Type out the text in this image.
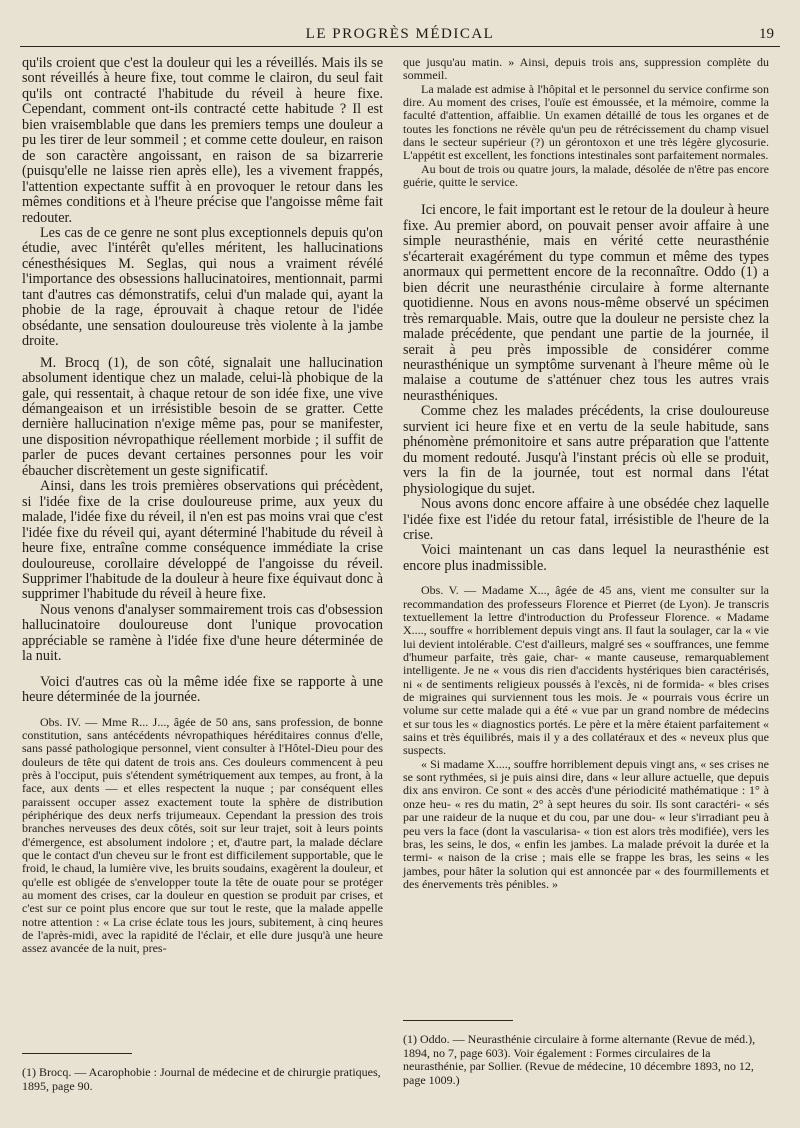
LE PROGRÈS MÉDICAL	19

qu'ils croient que c'est la douleur qui les a réveillés. Mais ils se sont réveillés à heure fixe, tout comme le clairon, du seul fait qu'ils ont contracté l'habitude du réveil à heure fixe. Cependant, comment ont-ils contracté cette habitude ? Il est bien vraisemblable que dans les premiers temps une douleur a pu les tirer de leur sommeil ; et comme cette douleur, en raison de son caractère angoissant, en raison de sa bizarrerie (puisqu'elle ne laisse rien après elle), les a vivement frappés, l'attention expectante suffit à en provoquer le retour dans les mêmes conditions et à l'heure précise que l'angoisse même fait redouter.

Les cas de ce genre ne sont plus exceptionnels depuis qu'on étudie, avec l'intérêt qu'elles méritent, les hallucinations cénesthésiques M. Seglas, qui nous a vraiment révélé l'importance des obsessions hallucinatoires, mentionnait, parmi tant d'autres cas démonstratifs, celui d'un malade qui, ayant la phobie de la rage, éprouvait à chaque retour de l'idée obsédante, une sensation douloureuse très violente à la jambe droite.

M. Brocq (1), de son côté, signalait une hallucination absolument identique chez un malade, celui-là phobique de la gale, qui ressentait, à chaque retour de son idée fixe, une vive démangeaison et un irrésistible besoin de se gratter. Cette dernière hallucination n'exige même pas, pour se manifester, une disposition névropathique réellement morbide ; il suffit de parler de puces devant certaines personnes pour les voir ébaucher discrètement un geste significatif.

Ainsi, dans les trois premières observations qui précèdent, si l'idée fixe de la crise douloureuse prime, aux yeux du malade, l'idée fixe du réveil, il n'en est pas moins vrai que c'est l'idée fixe du réveil qui, ayant déterminé l'habitude du réveil à heure fixe, entraîne comme conséquence immédiate la crise douloureuse, corollaire développé de l'angoisse du réveil. Supprimer l'habitude de la douleur à heure fixe équivaut donc à supprimer l'habitude du réveil à heure fixe.

Nous venons d'analyser sommairement trois cas d'obsession hallucinatoire douloureuse dont l'unique provocation appréciable se ramène à l'idée fixe d'une heure déterminée de la nuit.

Voici d'autres cas où la même idée fixe se rapporte à une heure déterminée de la journée.

Obs. IV. — Mme R... J..., âgée de 50 ans, sans profession, de bonne constitution, sans antécédents névropathiques héréditaires connus d'elle, sans passé pathologique personnel, vient consulter à l'Hôtel-Dieu pour des douleurs de tête qui datent de trois ans. Ces douleurs commencent à peu près à l'occiput, puis s'étendent symétriquement aux tempes, au front, à la face, aux dents — et elles respectent la nuque ; par conséquent elles paraissent occuper assez exactement toute la sphère de distribution périphérique des deux nerfs trijumeaux. Cependant la pression des trois branches nerveuses des deux côtés, soit sur leur trajet, soit à leurs points d'émergence, est absolument indolore ; et, d'autre part, la malade déclare que le contact d'un cheveu sur le front est difficilement supportable, que le froid, le chaud, la lumière vive, les bruits soudains, exagèrent la douleur, et qu'elle est obligée de s'envelopper toute la tête de ouate pour se protéger au moment des crises, car la douleur en question se produit par crises, et c'est sur ce point plus encore que sur tout le reste, que la malade appelle notre attention : « La crise éclate tous les jours, subitement, à cinq heures de l'après-midi, avec la rapidité de l'éclair, et elle dure jusqu'à une heure assez avancée de la nuit, pres-

(1) Brocq. — Acarophobie : Journal de médecine et de chirurgie pratiques, 1895, page 90.

que jusqu'au matin. » Ainsi, depuis trois ans, suppression complète du sommeil.

La malade est admise à l'hôpital et le personnel du service confirme son dire. Au moment des crises, l'ouïe est émoussée, et la mémoire, comme la faculté d'attention, affaiblie. Un examen détaillé de tous les organes et de toutes les fonctions ne révèle qu'un peu de rétrécissement du champ visuel dans le secteur supérieur (?) un gérontoxon et une très légère glycosurie. L'appétit est excellent, les fonctions intestinales sont parfaitement normales.

Au bout de trois ou quatre jours, la malade, désolée de n'être pas encore guérie, quitte le service.

Ici encore, le fait important est le retour de la douleur à heure fixe. Au premier abord, on pouvait penser avoir affaire à une simple neurasthénie, mais en vérité cette neurasthénie s'écarterait exagérément du type commun et même des types anormaux qui permettent encore de la reconnaître. Oddo (1) a bien décrit une neurasthénie circulaire à forme alternante quotidienne. Nous en avons nous-même observé un spécimen très remarquable. Mais, outre que la douleur ne persiste chez la malade précédente, que pendant une partie de la journée, il serait à peu près impossible de considérer comme neurasthénique un symptôme survenant à l'heure même où le malaise a coutume de s'atténuer chez tous les autres vrais neurasthéniques.

Comme chez les malades précédents, la crise douloureuse survient ici heure fixe et en vertu de la seule habitude, sans phénomène prémonitoire et sans autre préparation que l'attente du moment redouté. Jusqu'à l'instant précis où elle se produit, vers la fin de la journée, tout est normal dans l'état physiologique du sujet.

Nous avons donc encore affaire à une obsédée chez laquelle l'idée fixe est l'idée du retour fatal, irrésistible de l'heure de la crise.

Voici maintenant un cas dans lequel la neurasthénie est encore plus inadmissible.

Obs. V. — Madame X..., âgée de 45 ans, vient me consulter sur la recommandation des professeurs Florence et Pierret (de Lyon). Je transcris textuellement la lettre d'introduction du Professeur Florence. « Madame X...., souffre « horriblement depuis vingt ans. Il faut la soulager, car la « vie lui devient intolérable. C'est d'ailleurs, malgré ses « souffrances, une femme d'humeur parfaite, très gaie, char- « mante causeuse, remarquablement intelligente. Je ne « vous dis rien d'accidents hystériques bien caractérisés, ni « de sentiments religieux poussés à l'excès, ni de formida- « bles crises de migraines qui surviennent tous les mois. Je « pourrais vous écrire un volume sur cette malade qui a été « vue par un grand nombre de médecins et sur tous les « diagnostics portés. Le père et la mère étaient parfaitement « sains et très équilibrés, mais il y a des collatéraux et des « neveux plus que suspects.

« Si madame X...., souffre horriblement depuis vingt ans, « ses crises ne se sont rythmées, si je puis ainsi dire, dans « leur allure actuelle, que depuis dix ans environ. Ce sont « des accès d'une périodicité mathématique : 1° à onze heu- « res du matin, 2° à sept heures du soir. Ils sont caractéri- « sés par une raideur de la nuque et du cou, par une dou- « leur s'irradiant peu à peu vers la face (dont la vascularisa- « tion est alors très modifiée), vers les bras, les seins, le dos, « enfin les jambes. La malade prévoit la durée et la termi- « naison de la crise ; mais elle se frappe les bras, les seins « les jambes, pour hâter la solution qui est annoncée par « des fourmillements et des énervements très pénibles. »

(1) Oddo. — Neurasthénie circulaire à forme alternante (Revue de méd.), 1894, no 7, page 603). Voir également : Formes circulaires de la neurasthénie, par Sollier. (Revue de médecine, 10 décembre 1893, no 12, page 1009.)
